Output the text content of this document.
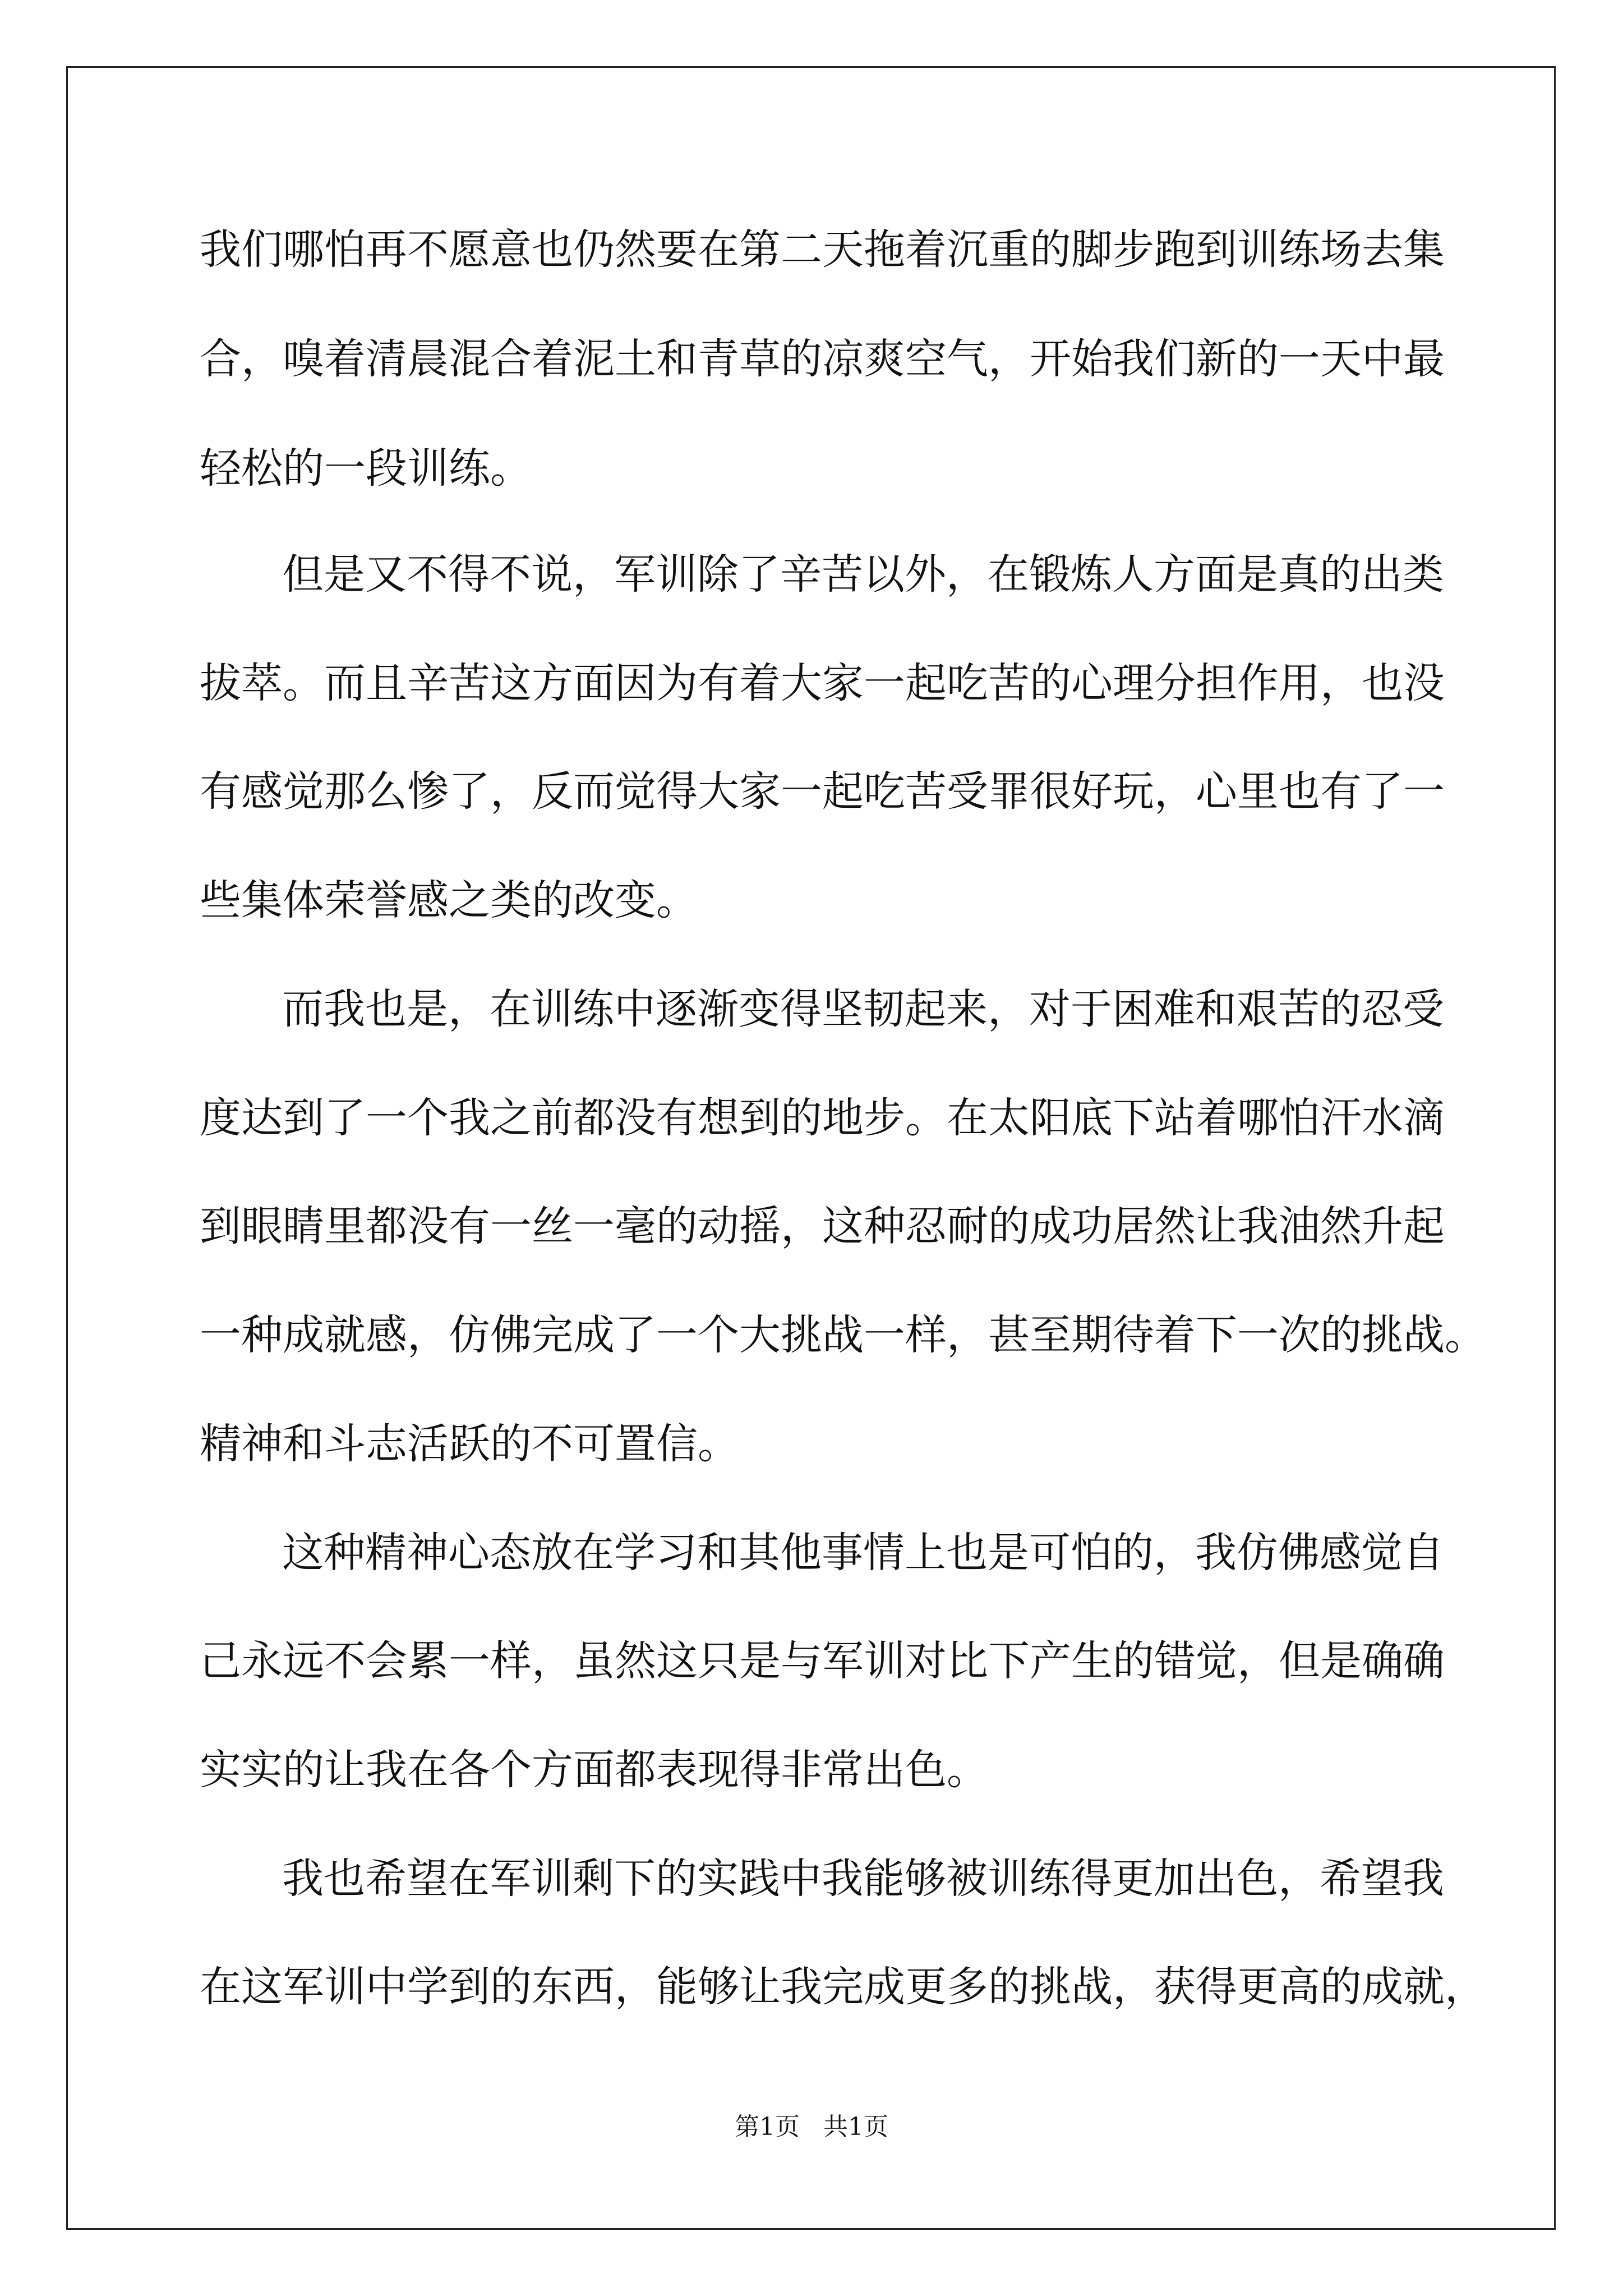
我们哪怕再不愿意也仍然要在第二天拖着沉重的脚步跑到训练场去集
合，嗅着清晨混合着泥土和青草的凉爽空气，开始我们新的一天中最
轻松的一段训练。
但是又不得不说，军训除了辛苦以外，在锻炼人方面是真的出类
拔萃。而且辛苦这方面因为有着大家一起吃苦的心理分担作用，也没
有感觉那么惨了，反而觉得大家一起吃苦受罪很好玩，心里也有了一
些集体荣誉感之类的改变。
而我也是，在训练中逐渐变得坚韧起来，对于困难和艰苦的忍受
度达到了一个我之前都没有想到的地步。在太阳底下站着哪怕汗水滴
到眼睛里都没有一丝一毫的动摇，这种忍耐的成功居然让我油然升起
一种成就感，仿佛完成了一个大挑战一样，甚至期待着下一次的挑战。
精神和斗志活跃的不可置信。
这种精神心态放在学习和其他事情上也是可怕的，我仿佛感觉自
己永远不会累一样，虽然这只是与军训对比下产生的错觉，但是确确
实实的让我在各个方面都表现得非常出色。
我也希望在军训剩下的实践中我能够被训练得更加出色，希望我
在这军训中学到的东西，能够让我完成更多的挑战，获得更高的成就，
第1页   共1页
